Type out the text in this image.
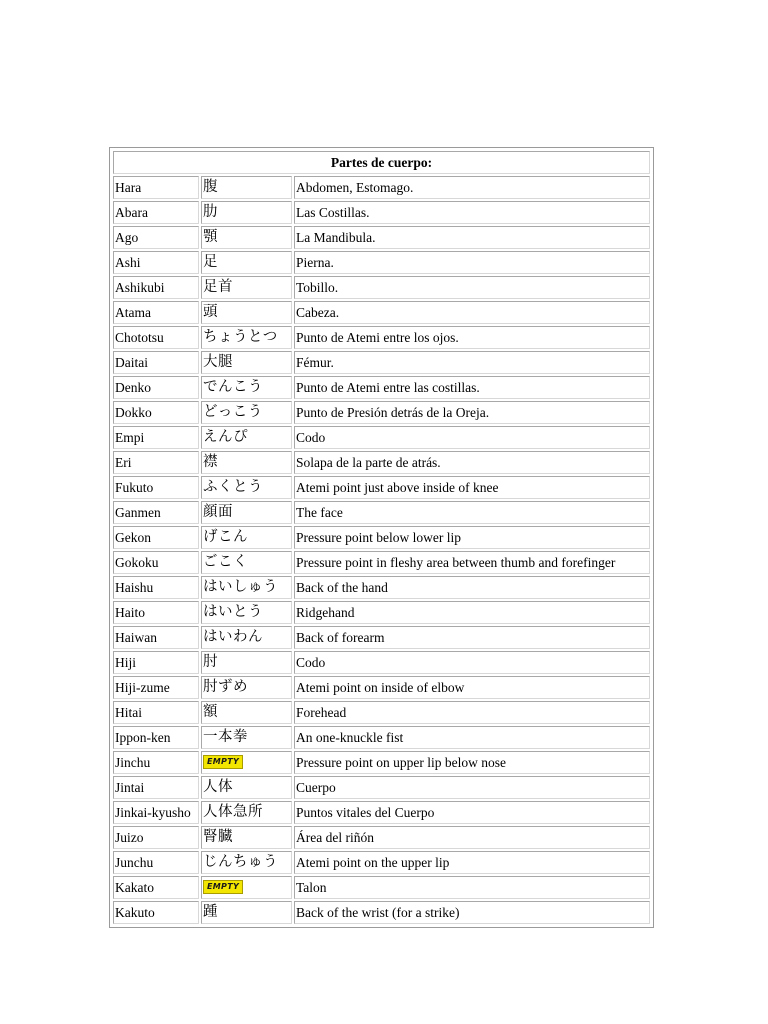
Partes de cuerpo:		
Hara	腹	Abdomen, Estomago.
Abara	肋	Las Costillas.
Ago	顎	La Mandibula.
Ashi	足	Pierna.
Ashikubi	足首	Tobillo.
Atama	頭	Cabeza.
Chototsu	ちょうとつ	Punto de Atemi entre los ojos.
Daitai	大腿	Fémur.
Denko	でんこう	Punto de Atemi entre las costillas.
Dokko	どっこう	Punto de Presión detrás de la Oreja.
Empi	えんぴ	Codo
Eri	襟	Solapa de la parte de atrás.
Fukuto	ふくとう	Atemi point just above inside of knee
Ganmen	顔面	The face
Gekon	げこん	Pressure point below lower lip
Gokoku	ごこく	Pressure point in fleshy area between thumb and forefinger
Haishu	はいしゅう	Back of the hand
Haito	はいとう	Ridgehand
Haiwan	はいわん	Back of forearm
Hiji	肘	Codo
Hiji-zume	肘ずめ	Atemi point on inside of elbow
Hitai	額	Forehead
Ippon-ken	一本拳	An one-knuckle fist
Jinchu	EMPTY	Pressure point on upper lip below nose
Jintai	人体	Cuerpo
Jinkai-kyusho	人体急所	Puntos vitales del Cuerpo
Juizo	腎臓	Área del riñón
Junchu	じんちゅう	Atemi point on the upper lip
Kakato	EMPTY	Talon
Kakuto	踵	Back of the wrist (for a strike)
